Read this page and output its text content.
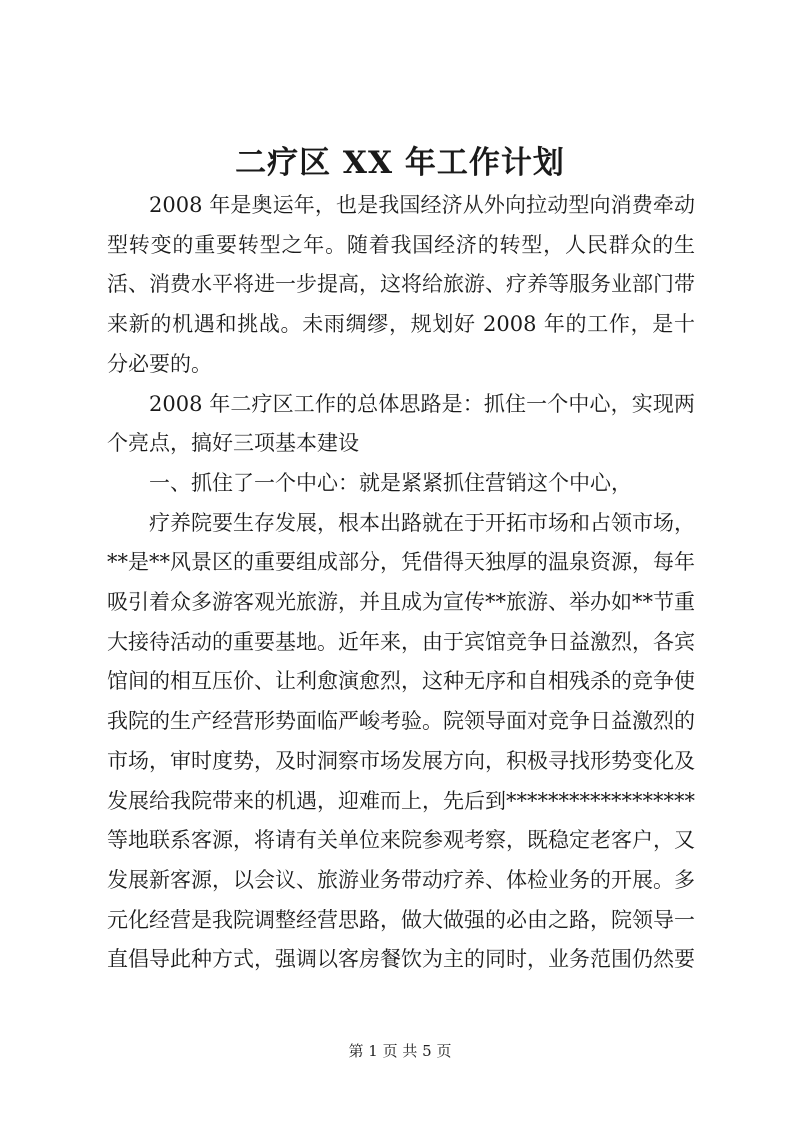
二疗区 XX 年工作计划

2008 年是奥运年，也是我国经济从外向拉动型向消费牵动型转变的重要转型之年。随着我国经济的转型，人民群众的生活、消费水平将进一步提高，这将给旅游、疗养等服务业部门带来新的机遇和挑战。未雨绸缪，规划好 2008 年的工作，是十分必要的。

2008 年二疗区工作的总体思路是：抓住一个中心，实现两个亮点，搞好三项基本建设

一、抓住了一个中心：就是紧紧抓住营销这个中心，

疗养院要生存发展，根本出路就在于开拓市场和占领市场，**是**风景区的重要组成部分，凭借得天独厚的温泉资源，每年吸引着众多游客观光旅游，并且成为宣传**旅游、举办如**节重大接待活动的重要基地。近年来，由于宾馆竞争日益激烈，各宾馆间的相互压价、让利愈演愈烈，这种无序和自相残杀的竞争使我院的生产经营形势面临严峻考验。院领导面对竞争日益激烈的市场，审时度势，及时洞察市场发展方向，积极寻找形势变化及发展给我院带来的机遇，迎难而上，先后到******************等地联系客源，将请有关单位来院参观考察，既稳定老客户，又发展新客源，以会议、旅游业务带动疗养、体检业务的开展。多元化经营是我院调整经营思路，做大做强的必由之路，院领导一直倡导此种方式，强调以客房餐饮为主的同时，业务范围仍然要

第 1 页 共 5 页
